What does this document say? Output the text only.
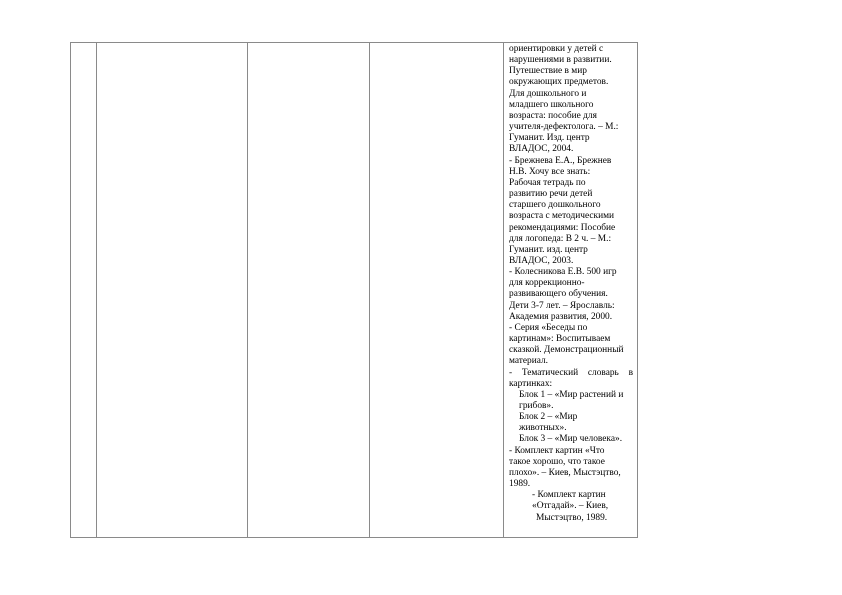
ориентировки у детей с
нарушениями в развитии.
Путешествие в мир
окружающих предметов.
Для дошкольного и
младшего школьного
возраста: пособие для
учителя-дефектолога. – М.:
Гуманит. Изд. центр
ВЛАДОС, 2004.
- Брежнева Е.А., Брежнев
Н.В. Хочу все знать:
Рабочая тетрадь по
развитию речи детей
старшего дошкольного
возраста с методическими
рекомендациями: Пособие
для логопеда: В 2 ч. – М.:
Гуманит. изд. центр
ВЛАДОС, 2003.
- Колесникова Е.В. 500 игр
для коррекционно-
развивающего обучения.
Дети 3-7 лет. – Ярославль:
Академия развития, 2000.
- Серия «Беседы по
картинам»: Воспитываем
сказкой. Демонстрационный
материал.
- Тематический словарь в
картинках:
Блок 1 – «Мир растений и
грибов».
Блок 2 – «Мир
животных».
Блок 3 – «Мир человека».
- Комплект картин «Что
такое хорошо, что такое
плохо». – Киев, Мыстэцтво,
1989.
- Комплект картин
«Отгадай». – Киев,
Мыстэцтво, 1989.
